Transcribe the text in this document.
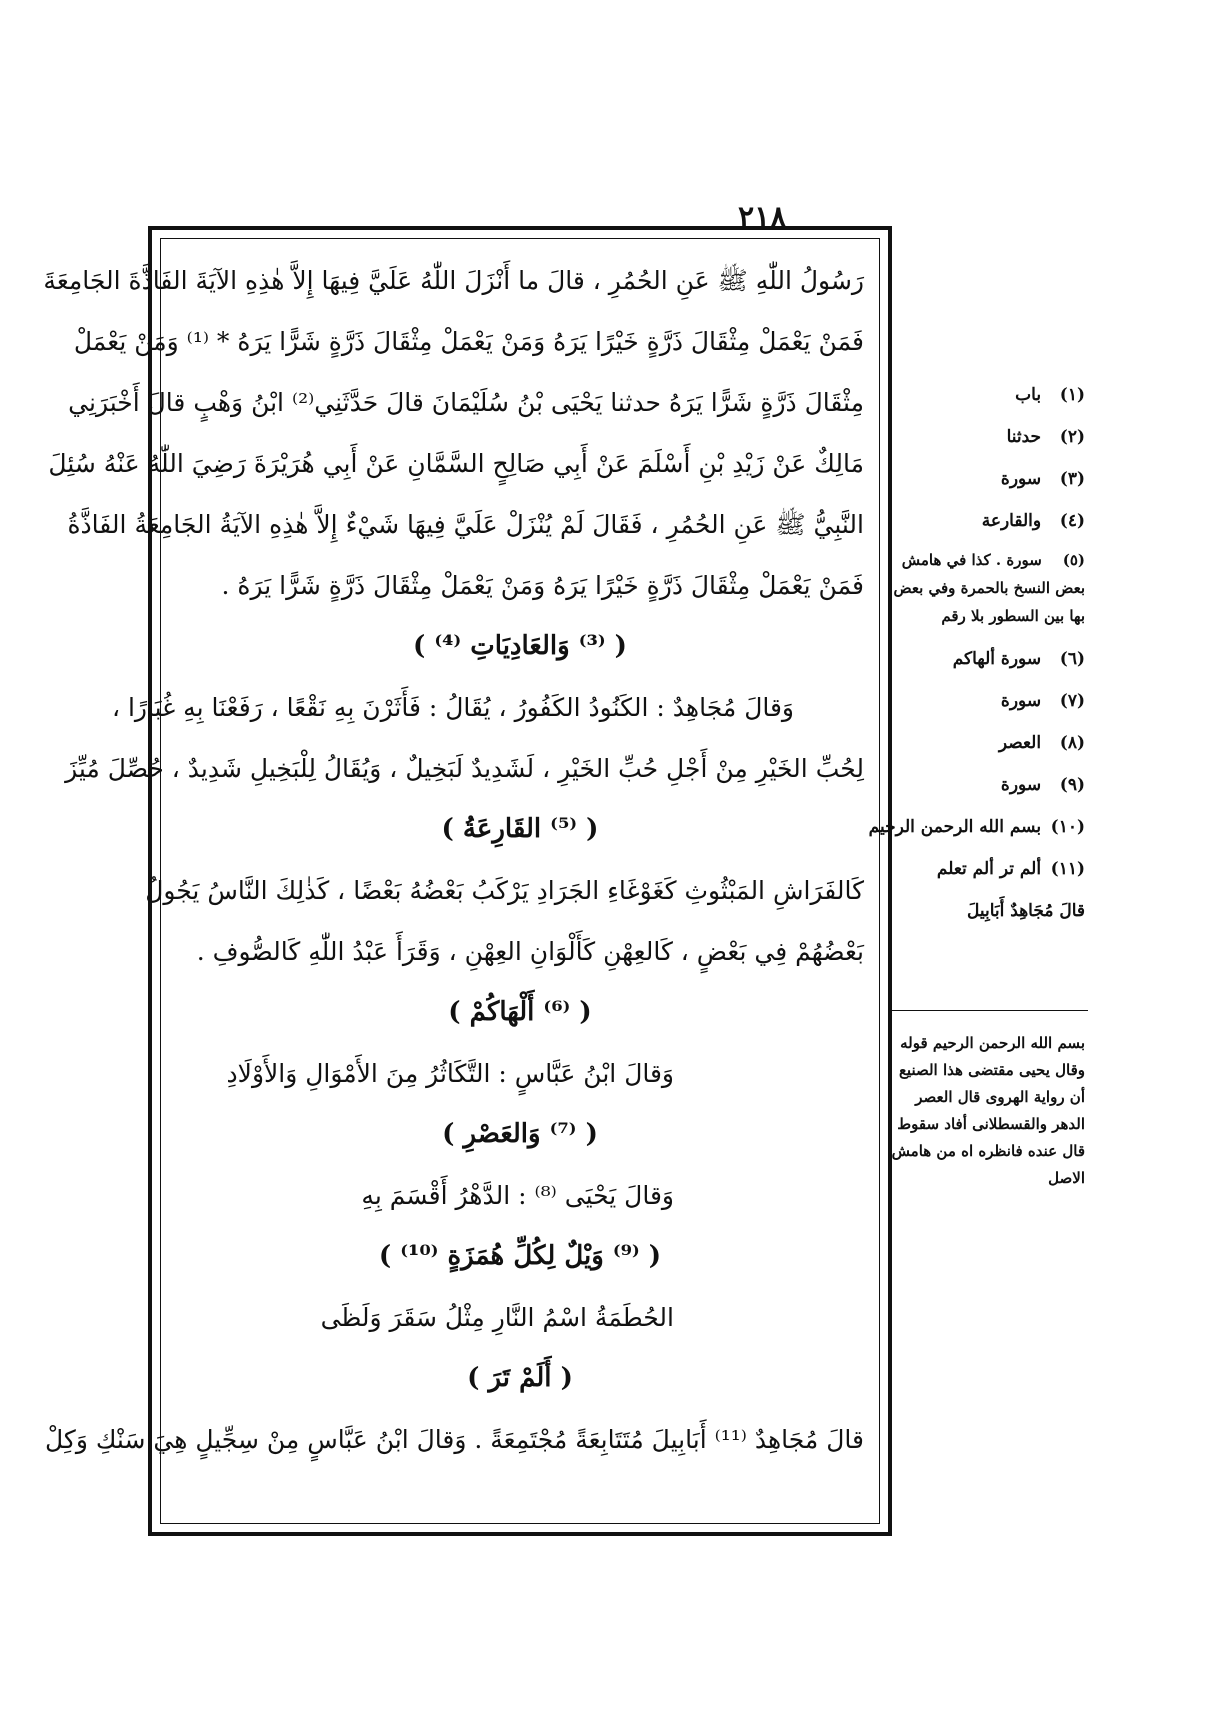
٢١٨
رَسُولُ اللّٰهِ ﷺ عَنِ الحُمُرِ ، قالَ ما أَنْزَلَ اللّٰهُ عَلَيَّ فِيهَا إِلاَّ هٰذِهِ الآيَةَ الفَاذَّةَ الجَامِعَةَ
فَمَنْ يَعْمَلْ مِثْقَالَ ذَرَّةٍ خَيْرًا يَرَهُ وَمَنْ يَعْمَلْ مِثْقَالَ ذَرَّةٍ شَرًّا يَرَهُ * ⁽¹⁾ وَمَنْ يَعْمَلْ
مِثْقَالَ ذَرَّةٍ شَرًّا يَرَهُ حدثنا يَحْيَى بْنُ سُلَيْمَانَ قالَ حَدَّثَنِي⁽²⁾ ابْنُ وَهْبٍ قالَ أَخْبَرَنِي
مَالِكٌ عَنْ زَيْدِ بْنِ أَسْلَمَ عَنْ أَبِي صَالِحٍ السَّمَّانِ عَنْ أَبِي هُرَيْرَةَ رَضِيَ اللّٰهُ عَنْهُ سُئِلَ
النَّبِيُّ ﷺ عَنِ الحُمُرِ ، فَقَالَ لَمْ يُنْزَلْ عَلَيَّ فِيهَا شَيْءٌ إِلاَّ هٰذِهِ الآيَةُ الجَامِعَةُ الفَاذَّةُ
فَمَنْ يَعْمَلْ مِثْقَالَ ذَرَّةٍ خَيْرًا يَرَهُ وَمَنْ يَعْمَلْ مِثْقَالَ ذَرَّةٍ شَرًّا يَرَهُ .
( ⁽³⁾ وَالعَادِيَاتِ ⁽⁴⁾ )
وَقالَ مُجَاهِدٌ : الكَنُودُ الكَفُورُ ، يُقَالُ : فَأَثَرْنَ بِهِ نَقْعًا ، رَفَعْنَا بِهِ غُبَارًا ،
لِحُبِّ الخَيْرِ مِنْ أَجْلِ حُبِّ الخَيْرِ ، لَشَدِيدٌ لَبَخِيلٌ ، وَيُقَالُ لِلْبَخِيلِ شَدِيدٌ ، حُصِّلَ مُيِّزَ
( ⁽⁵⁾ القَارِعَةُ )
كَالفَرَاشِ المَبْثُوثِ كَغَوْغَاءِ الجَرَادِ يَرْكَبُ بَعْضُهُ بَعْضًا ، كَذٰلِكَ النَّاسُ يَجُولُ
بَعْضُهُمْ فِي بَعْضٍ ، كَالعِهْنِ كَأَلْوَانِ العِهْنِ ، وَقَرَأَ عَبْدُ اللّٰهِ كَالصُّوفِ .
( ⁽⁶⁾ أَلْهَاكُمْ )
وَقالَ ابْنُ عَبَّاسٍ : التَّكَاثُرُ مِنَ الأَمْوَالِ وَالأَوْلَادِ
( ⁽⁷⁾ وَالعَصْرِ )
وَقالَ يَحْيَى ⁽⁸⁾ : الدَّهْرُ أَقْسَمَ بِهِ
( ⁽⁹⁾ وَيْلٌ لِكُلِّ هُمَزَةٍ ⁽¹⁰⁾ )
الحُطَمَةُ اسْمُ النَّارِ مِثْلُ سَقَرَ وَلَظَى
( أَلَمْ تَرَ )
قالَ مُجَاهِدٌ ⁽¹¹⁾ أَبَابِيلَ مُتَتَابِعَةً مُجْتَمِعَةً . وَقالَ ابْنُ عَبَّاسٍ مِنْ سِجِّيلٍ هِيَ سَنْكِ وَكِلْ
(١) باب
(٢) حدثنا
(٣) سورة
(٤) والقارعة
(٥) سورة . كذا في هامش بعض النسخ بالحمرة وفي بعض بها بين السطور بلا رقم
(٦) سورة ألهاكم
(٧) سورة
(٨) العصر
(٩) سورة
(١٠) بسم الله الرحمن الرحيم
(١١) ألم تر ألم تعلم
قالَ مُجَاهِدٌ أَبَابِيلَ
بسم الله الرحمن الرحيم قوله وقال يحيى مقتضى هذا الصنيع أن رواية الهروى قال العصر الدهر والقسطلانى أفاد سقوط قال عنده فانظره اه من هامش الاصل
